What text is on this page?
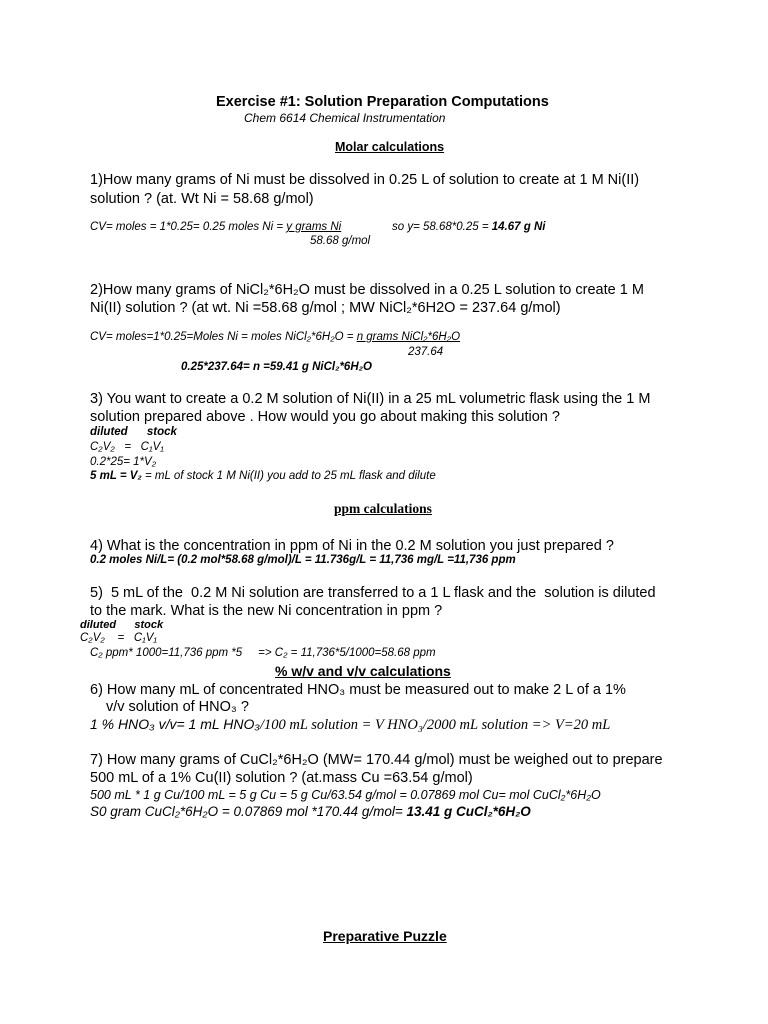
Exercise #1: Solution Preparation Computations
Chem 6614 Chemical Instrumentation
Molar calculations
1)How many grams of Ni must be dissolved in 0.25 L of solution to create at 1 M Ni(II) solution ? (at. Wt Ni = 58.68 g/mol)
CV= moles = 1*0.25= 0.25 moles Ni = y grams Ni
58.68 g/mol
so y= 58.68*0.25 = 14.67 g Ni
2)How many grams of NiCl₂*6H₂O must be dissolved in a 0.25 L solution to create 1 M
Ni(II) solution ? (at wt. Ni =58.68 g/mol ; MW NiCl₂*6H2O = 237.64 g/mol)
CV= moles=1*0.25=Moles Ni = moles NiCl₂*6H₂O = n grams NiCl₂*6H₂O
237.64
0.25*237.64= n =59.41 g NiCl₂*6H₂O
3) You want to create a 0.2 M solution of Ni(II) in a 25 mL volumetric flask using the 1 M
solution prepared above . How would you go about making this solution ?
diluted      stock
C₂V₂   =   C₁V₁
0.2*25= 1*V₂
5 mL = V₂ = mL of stock 1 M Ni(II) you add to 25 mL flask and dilute
ppm calculations
4) What is the concentration in ppm of Ni in the 0.2 M solution you just prepared ?
0.2 moles Ni/L= (0.2 mol*58.68 g/mol)/L = 11.736g/L = 11,736 mg/L =11,736 ppm
5)  5 mL of the  0.2 M Ni solution are transferred to a 1 L flask and the  solution is diluted
to the mark. What is the new Ni concentration in ppm ?
diluted      stock
C₂V₂    =   C₁V₁
C₂ ppm* 1000=11,736 ppm *5     => C₂ = 11,736*5/1000=58.68 ppm
% w/v and v/v calculations
6) How many mL of concentrated HNO₃ must be measured out to make 2 L of a 1%
v/v solution of HNO₃ ?
1 % HNO₃ v/v= 1 mL HNO₃/100 mL solution = V HNO₃/2000 mL solution => V=20 mL
7) How many grams of CuCl₂*6H₂O (MW= 170.44 g/mol) must be weighed out to prepare
500 mL of a 1% Cu(II) solution ? (at.mass Cu =63.54 g/mol)
500 mL * 1 g Cu/100 mL = 5 g Cu = 5 g Cu/63.54 g/mol = 0.07869 mol Cu= mol CuCl₂*6H₂O
S0 gram CuCl₂*6H₂O = 0.07869 mol *170.44 g/mol= 13.41 g CuCl₂*6H₂O
Preparative Puzzle
